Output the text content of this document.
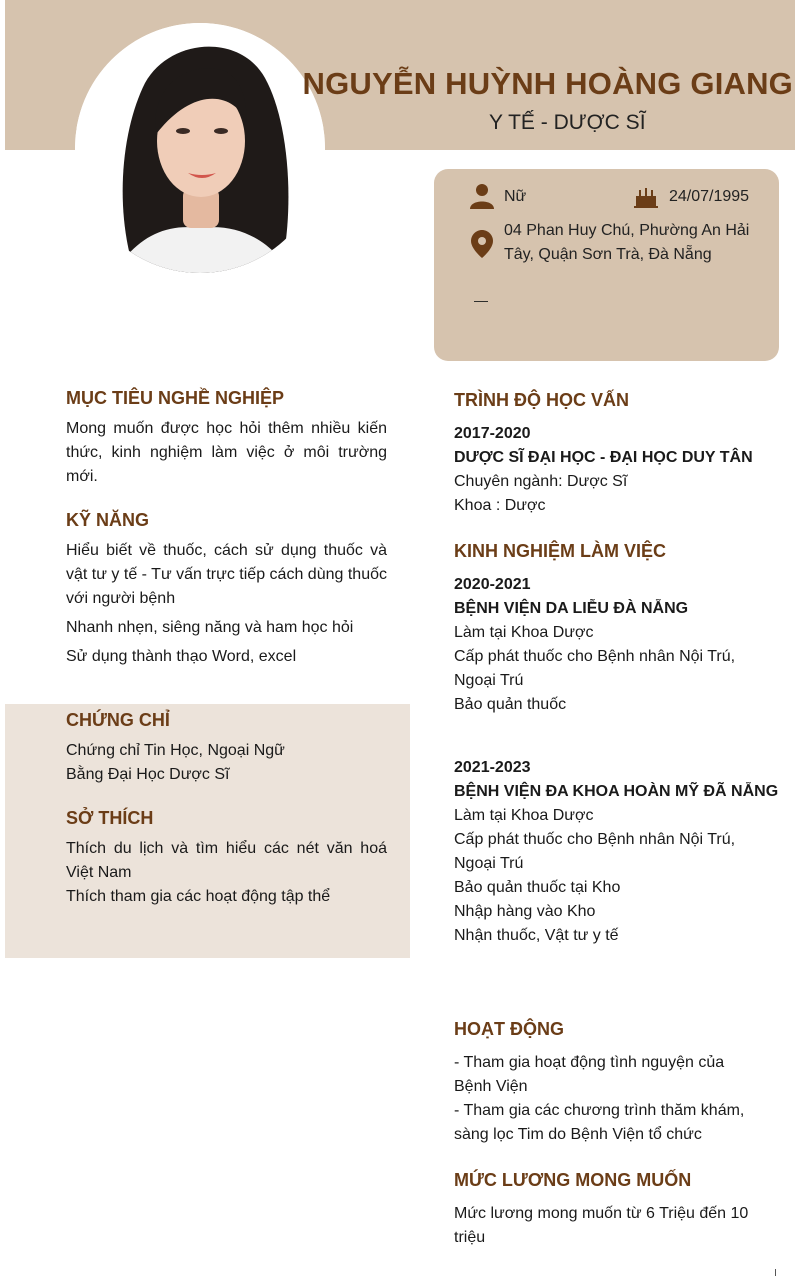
NGUYỄN HUỲNH HOÀNG GIANG
Y TẾ - DƯỢC SĨ
Nữ	24/07/1995
04 Phan Huy Chú, Phường An Hải
Tây, Quận Sơn Trà, Đà Nẵng
—
MỤC TIÊU NGHỀ NGHIỆP
Mong muốn được học hỏi thêm nhiều kiến thức, kinh nghiệm làm việc ở môi trường mới.
KỸ NĂNG
Hiểu biết về thuốc, cách sử dụng thuốc và vật tư y tế - Tư vấn trực tiếp cách dùng thuốc với người bệnh
Nhanh nhẹn, siêng năng và ham học hỏi
Sử dụng thành thạo Word, excel
CHỨNG CHỈ
Chứng chỉ Tin Học, Ngoại Ngữ
Bằng Đại Học Dược Sĩ
SỞ THÍCH
Thích du lịch và tìm hiểu các nét văn hoá Việt Nam
Thích tham gia các hoạt động tập thể
TRÌNH ĐỘ HỌC VẤN
2017-2020
DƯỢC SĨ ĐẠI HỌC - ĐẠI HỌC DUY TÂN
Chuyên ngành: Dược Sĩ
Khoa : Dược
KINH NGHIỆM LÀM VIỆC
2020-2021
BỆNH VIỆN DA LIỄU ĐÀ NẴNG
Làm tại Khoa Dược
Cấp phát thuốc cho Bệnh nhân Nội Trú,
Ngoại Trú
Bảo quản thuốc
2021-2023
BỆNH VIỆN ĐA KHOA HOÀN MỸ ĐÃ NẴNG
Làm tại Khoa Dược
Cấp phát thuốc cho Bệnh nhân Nội Trú,
Ngoại Trú
Bảo quản thuốc tại Kho
Nhập hàng vào Kho
Nhận thuốc, Vật tư y tế
HOẠT ĐỘNG
- Tham gia hoạt động tình nguyện của
Bệnh Viện
- Tham gia các chương trình thăm khám,
sàng lọc Tim do Bệnh Viện tổ chức
MỨC LƯƠNG MONG MUỐN
Mức lương mong muốn từ 6 Triệu đến 10 triệu
